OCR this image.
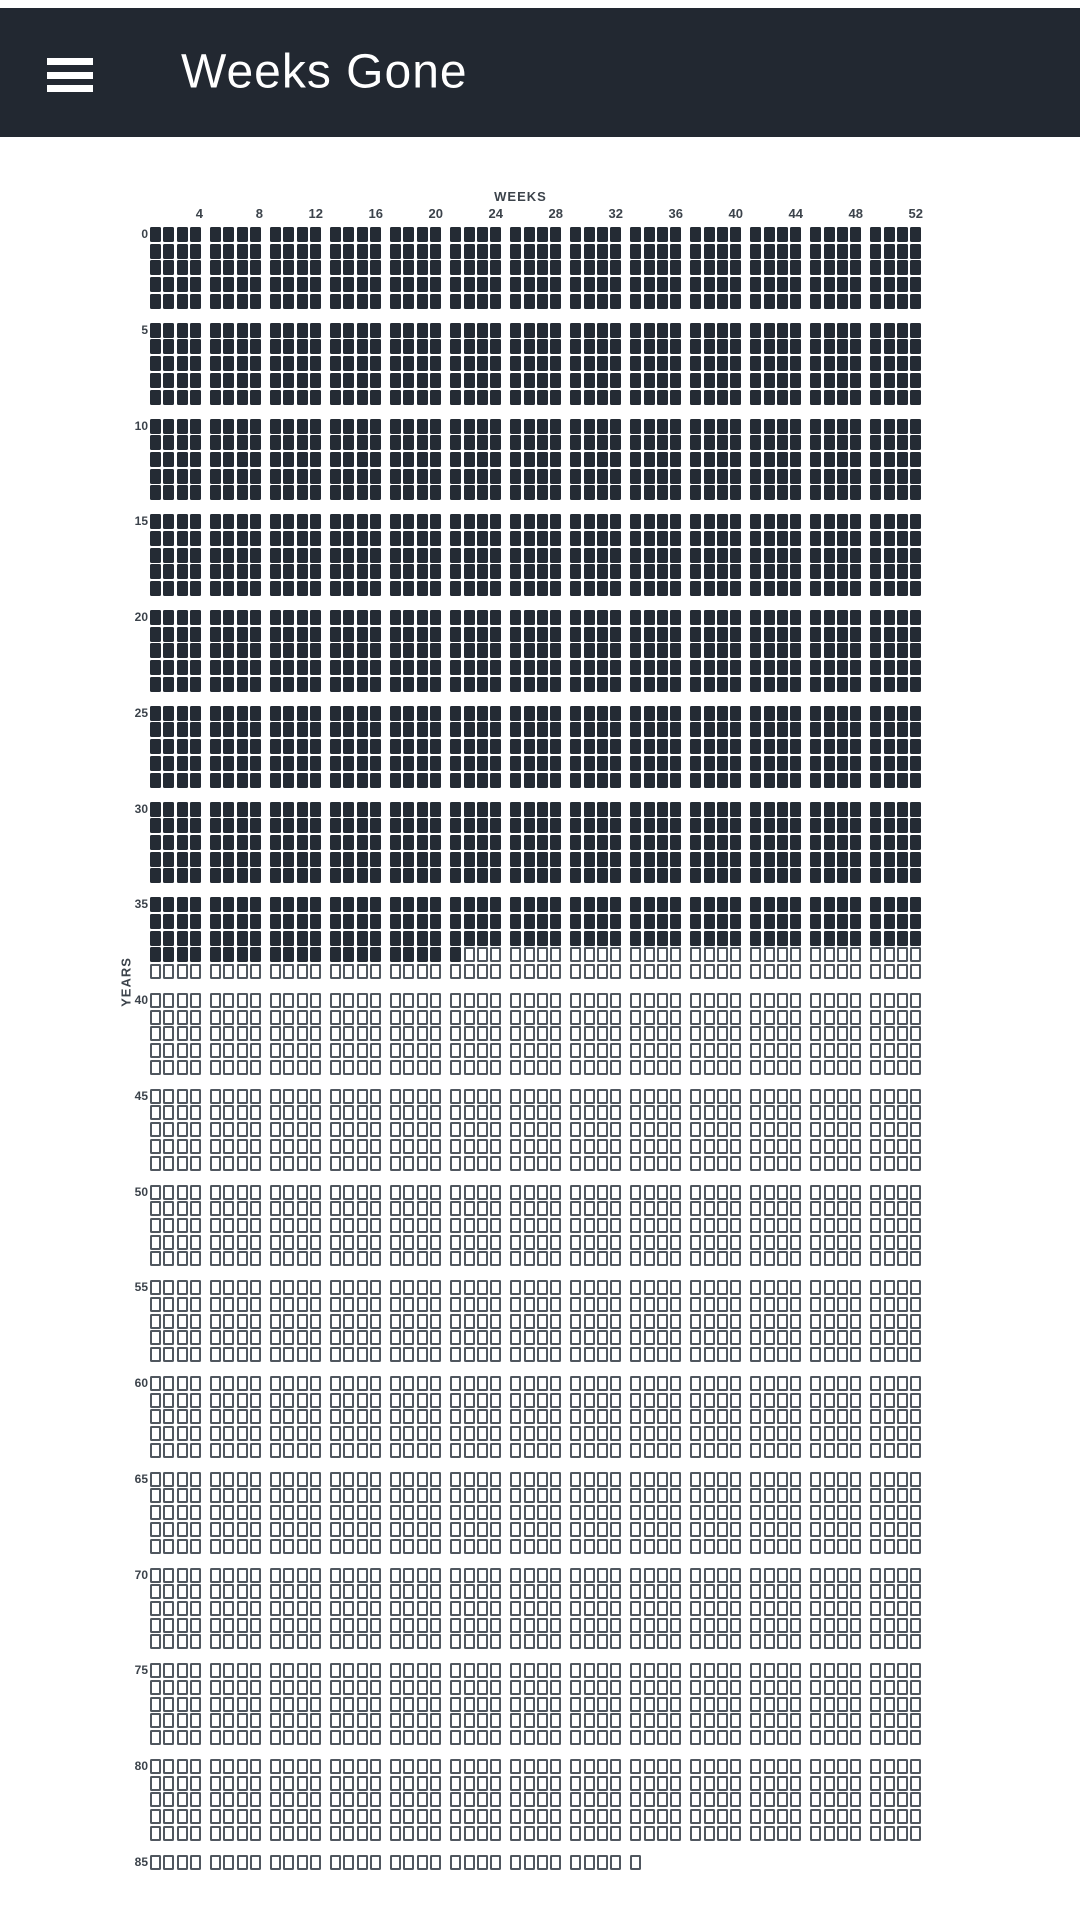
Weeks Gone
WEEKS
4	8	12	16	20	24	28	32	36	40	44	48	52
YEARS
0
5
10
15
20
25
30
35
40
45
50
55
60
65
70
75
80
85
